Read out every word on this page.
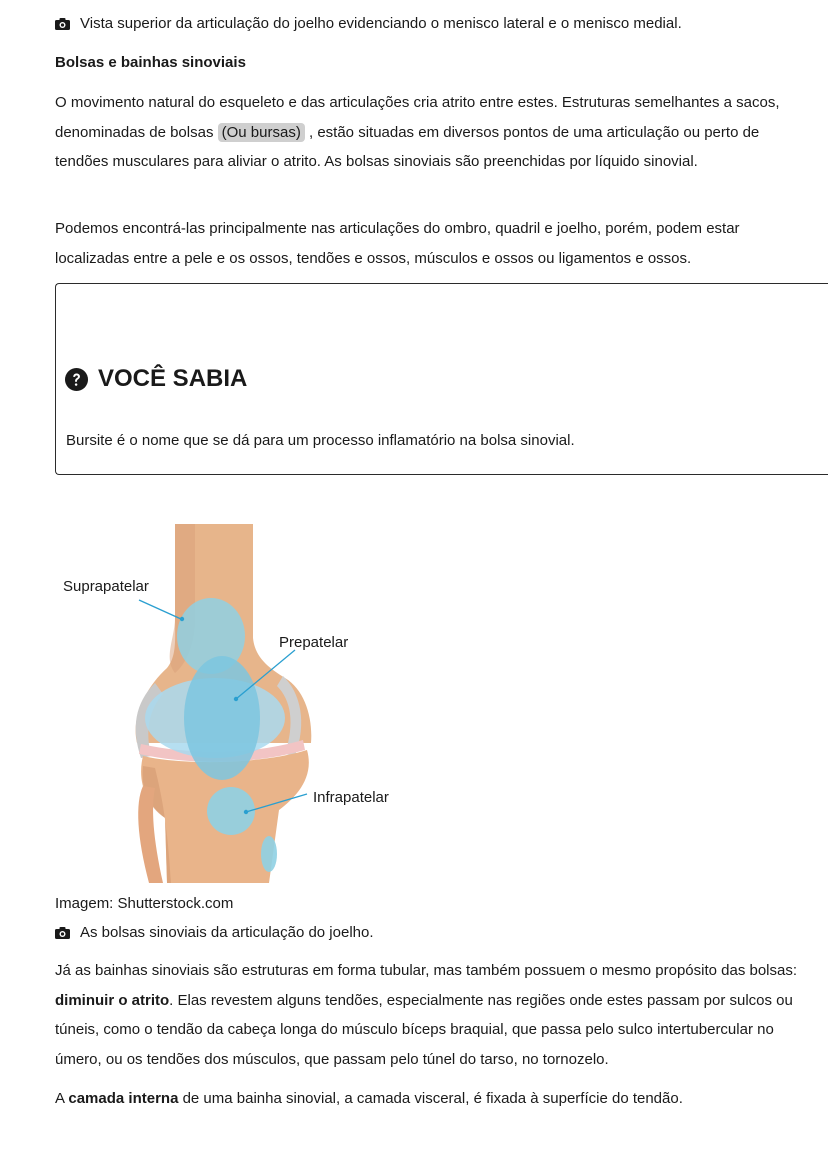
Vista superior da articulação do joelho evidenciando o menisco lateral e o menisco medial.
Bolsas e bainhas sinoviais

O movimento natural do esqueleto e das articulações cria atrito entre estes. Estruturas semelhantes a sacos, denominadas de bolsas (Ou bursas) , estão situadas em diversos pontos de uma articulação ou perto de tendões musculares para aliviar o atrito. As bolsas sinoviais são preenchidas por líquido sinovial.

Podemos encontrá-las principalmente nas articulações do ombro, quadril e joelho, porém, podem estar localizadas entre a pele e os ossos, tendões e ossos, músculos e ossos ou ligamentos e ossos.

VOCÊ SABIA
Bursite é o nome que se dá para um processo inflamatório na bolsa sinovial.
Suprapatelar
Prepatelar
Infrapatelar
Imagem: Shutterstock.com
As bolsas sinoviais da articulação do joelho.

Já as bainhas sinoviais são estruturas em forma tubular, mas também possuem o mesmo propósito das bolsas: diminuir o atrito. Elas revestem alguns tendões, especialmente nas regiões onde estes passam por sulcos ou túneis, como o tendão da cabeça longa do músculo bíceps braquial, que passa pelo sulco intertubercular no úmero, ou os tendões dos músculos, que passam pelo túnel do tarso, no tornozelo.

A camada interna de uma bainha sinovial, a camada visceral, é fixada à superfície do tendão.
